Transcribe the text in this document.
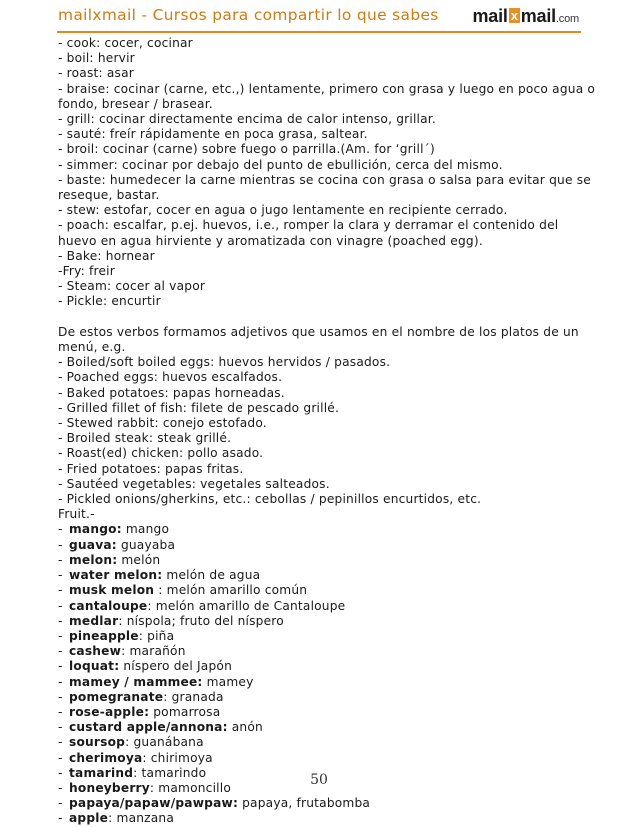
mailxmail - Cursos para compartir lo que sabes mail x mail.com
- cook: cocer, cocinar
- boil: hervir
- roast: asar
- braise: cocinar (carne, etc.,) lentamente, primero con grasa y luego en poco agua o
fondo, bresear / brasear.
- grill: cocinar directamente encima de calor intenso, grillar.
- sauté: freír rápidamente en poca grasa, saltear.
- broil: cocinar (carne) sobre fuego o parrilla.(Am. for ‘grill´)
- simmer: cocinar por debajo del punto de ebullición, cerca del mismo.
- baste: humedecer la carne mientras se cocina con grasa o salsa para evitar que se
reseque, bastar.
- stew: estofar, cocer en agua o jugo lentamente en recipiente cerrado.
- poach: escalfar, p.ej. huevos, i.e., romper la clara y derramar el contenido del
huevo en agua hirviente y aromatizada con vinagre (poached egg).
- Bake: hornear
-Fry: freir
- Steam: cocer al vapor
- Pickle: encurtir
De estos verbos formamos adjetivos que usamos en el nombre de los platos de un
menú, e.g.
- Boiled/soft boiled eggs: huevos hervidos / pasados.
- Poached eggs: huevos escalfados.
- Baked potatoes: papas horneadas.
- Grilled fillet of fish: filete de pescado grillé.
- Stewed rabbit: conejo estofado.
- Broiled steak: steak grillé.
- Roast(ed) chicken: pollo asado.
- Fried potatoes: papas fritas.
- Sautéed vegetables: vegetales salteados.
- Pickled onions/gherkins, etc.: cebollas / pepinillos encurtidos, etc.
Fruit.-
- mango: mango
- guava: guayaba
- melon: melón
- water melon: melón de agua
- musk melon : melón amarillo común
- cantaloupe: melón amarillo de Cantaloupe
- medlar: níspola; fruto del níspero
- pineapple: piña
- cashew: marañón
- loquat: níspero del Japón
- mamey / mammee: mamey
- pomegranate: granada
- rose-apple: pomarrosa
- custard apple/annona: anón
- soursop: guanábana
- cherimoya: chirimoya
- tamarind: tamarindo
- honeyberry: mamoncillo
- papaya/papaw/pawpaw: papaya, frutabomba
- apple: manzana
50
